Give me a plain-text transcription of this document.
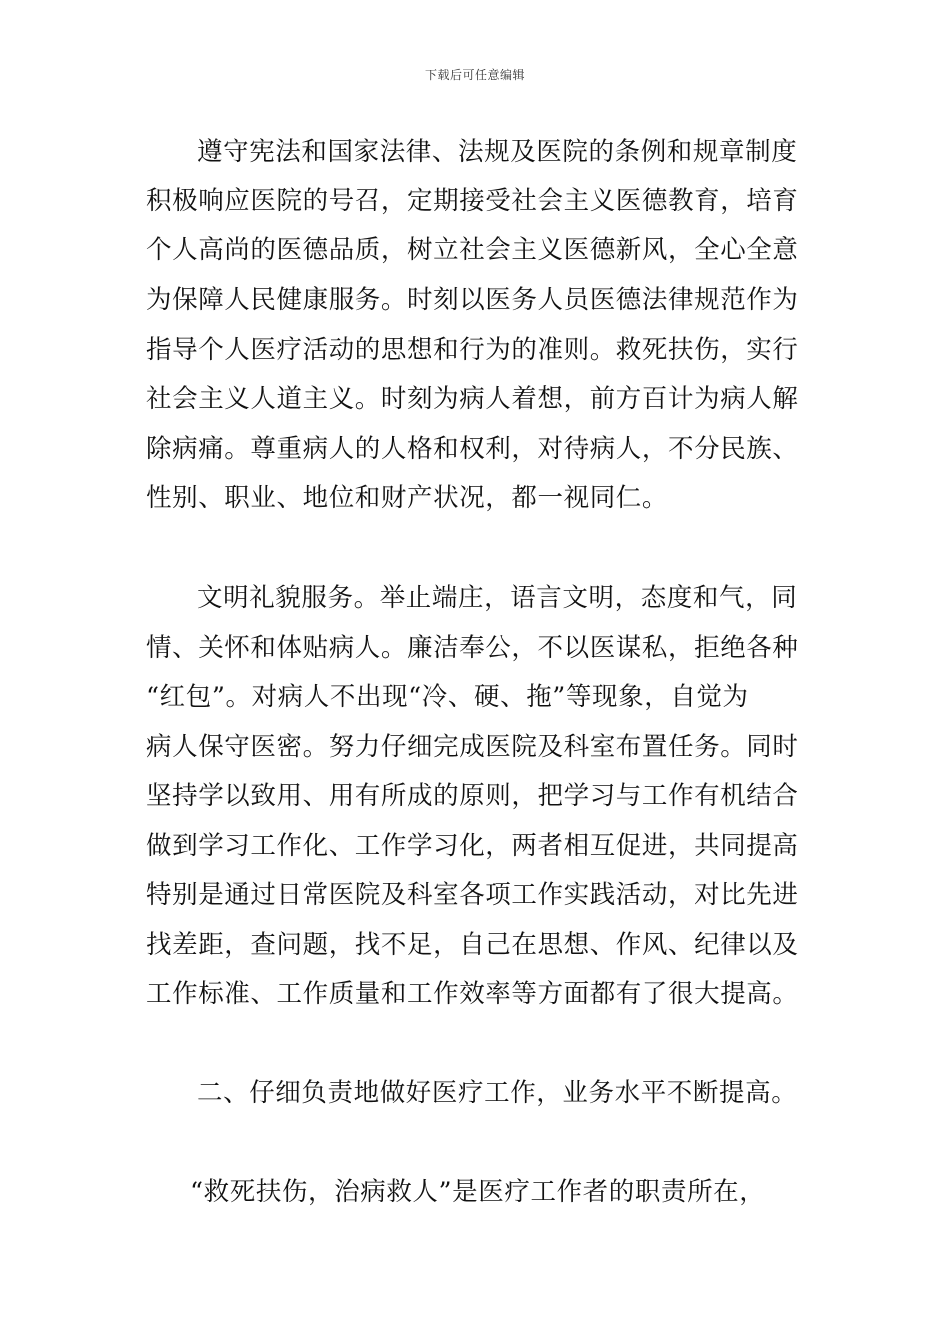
下载后可任意编辑
遵守宪法和国家法律、法规及医院的条例和规章制度
积极响应医院的号召，定期接受社会主义医德教育，培育
个人高尚的医德品质，树立社会主义医德新风，全心全意
为保障人民健康服务。时刻以医务人员医德法律规范作为
指导个人医疗活动的思想和行为的准则。救死扶伤，实行
社会主义人道主义。时刻为病人着想，前方百计为病人解
除病痛。尊重病人的人格和权利，对待病人，不分民族、
性别、职业、地位和财产状况，都一视同仁。
文明礼貌服务。举止端庄，语言文明，态度和气，同
情、关怀和体贴病人。廉洁奉公，不以医谋私，拒绝各种
“红包”。对病人不出现“冷、硬、拖”等现象，自觉为
病人保守医密。努力仔细完成医院及科室布置任务。同时
坚持学以致用、用有所成的原则，把学习与工作有机结合
做到学习工作化、工作学习化，两者相互促进，共同提高
特别是通过日常医院及科室各项工作实践活动，对比先进
找差距，查问题，找不足，自己在思想、作风、纪律以及
工作标准、工作质量和工作效率等方面都有了很大提高。
二、仔细负责地做好医疗工作，业务水平不断提高。
“救死扶伤，治病救人”是医疗工作者的职责所在，
